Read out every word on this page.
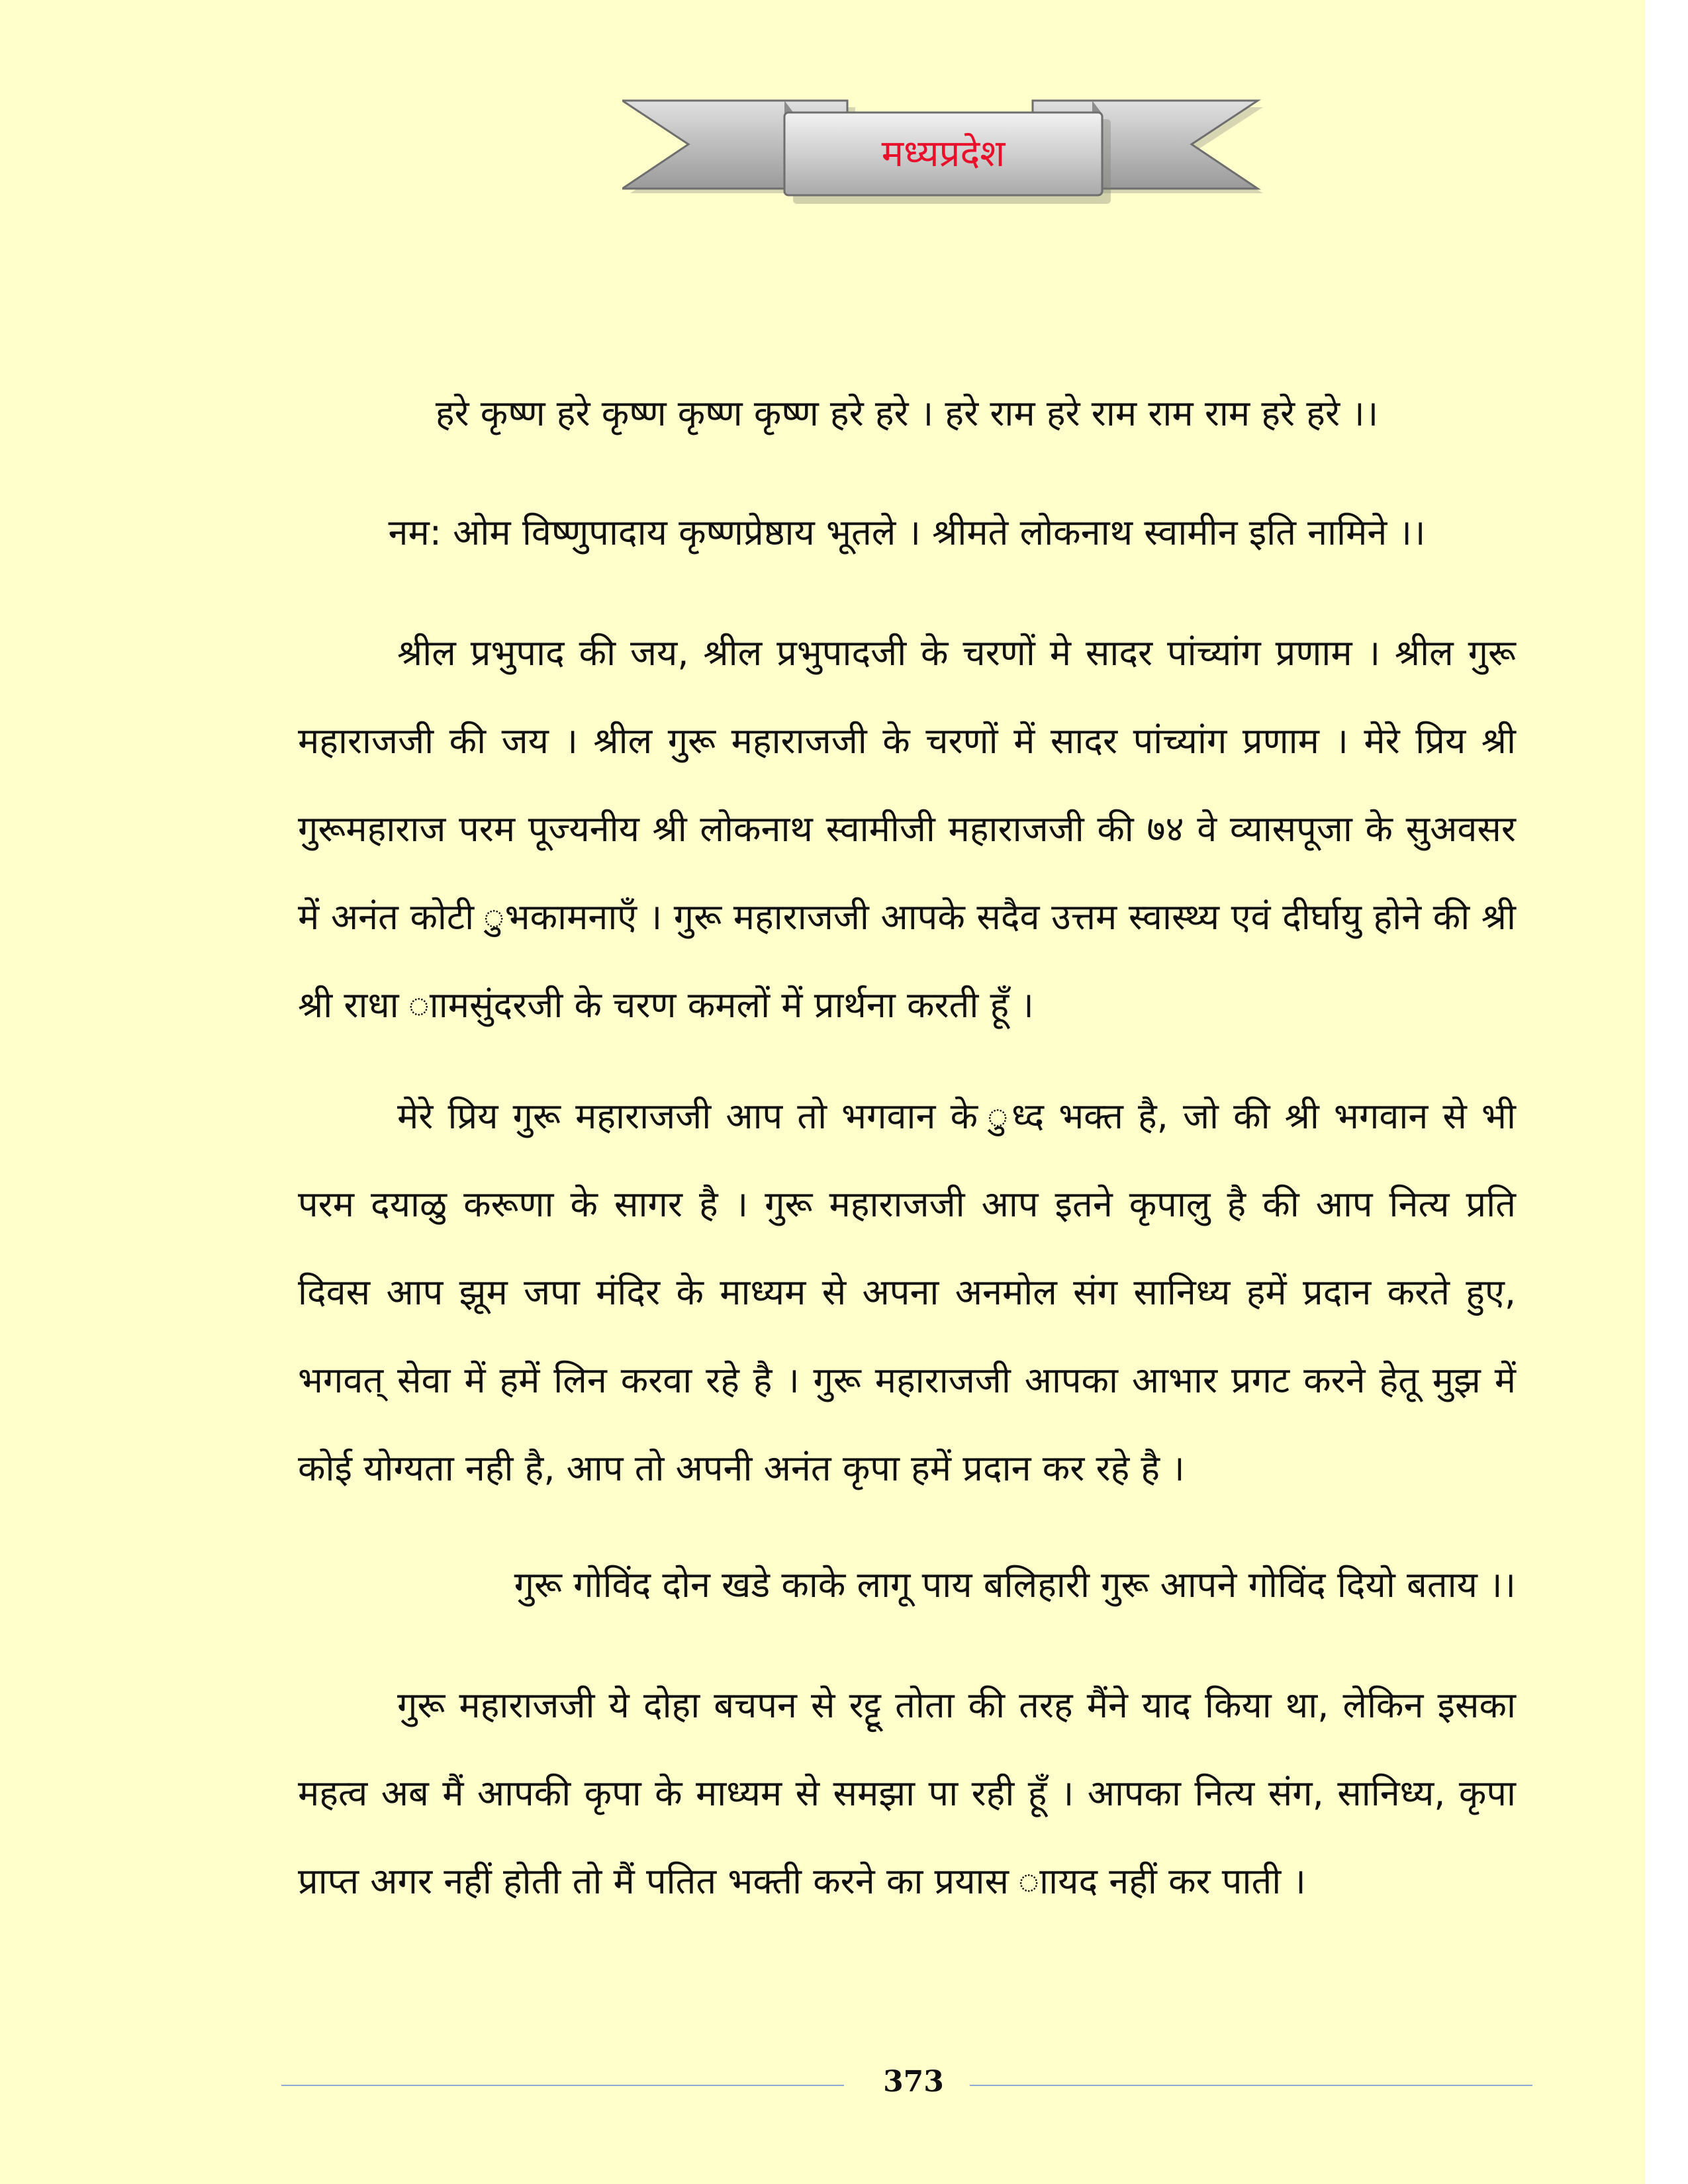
मध्यप्रदेश
हरे कृष्ण हरे कृष्ण कृष्ण कृष्ण हरे हरे । हरे राम हरे राम राम राम हरे हरे ।।
नम: ओम विष्णुपादाय कृष्णप्रेष्ठाय भूतले । श्रीमते लोकनाथ स्वामीन इति नामिने ।।
श्रील प्रभुपाद की जय, श्रील प्रभुपादजी के चरणों मे सादर पांच्यांग प्रणाम । श्रील गुरू महाराजजी की जय । श्रील गुरू महाराजजी के चरणों में सादर पांच्यांग प्रणाम । मेरे प्रिय श्री गुरूमहाराज परम पूज्यनीय श्री लोकनाथ स्वामीजी महाराजजी की ७४ वे व्यासपूजा के सुअवसर में अनंत कोटी ुभकामनाएँ । गुरू महाराजजी आपके सदैव उत्तम स्वास्थ्य एवं दीर्घायु होने की श्री श्री राधा ाामसुंदरजी के चरण कमलों में प्रार्थना करती हूँ ।
मेरे प्रिय गुरू महाराजजी आप तो भगवान के ुध्द भक्त है, जो की श्री भगवान से भी परम दयाळु करूणा के सागर है । गुरू महाराजजी आप इतने कृपालु है की आप नित्य प्रति दिवस आप झूम जपा मंदिर के माध्यम से अपना अनमोल संग सानिध्य हमें प्रदान करते हुए, भगवत् सेवा में हमें लिन करवा रहे है । गुरू महाराजजी आपका आभार प्रगट करने हेतू मुझ में कोई योग्यता नही है, आप तो अपनी अनंत कृपा हमें प्रदान कर रहे है ।
गुरू गोविंद दोन खडे काके लागू पाय बलिहारी गुरू आपने गोविंद दियो बताय ।।
गुरू महाराजजी ये दोहा बचपन से रट्टू तोता की तरह मैंने याद किया था, लेकिन इसका महत्व अब मैं आपकी कृपा के माध्यम से समझा पा रही हूँ । आपका नित्य संग, सानिध्य, कृपा प्राप्त अगर नहीं होती तो मैं पतित भक्ती करने का प्रयास ाायद नहीं कर पाती ।
373
